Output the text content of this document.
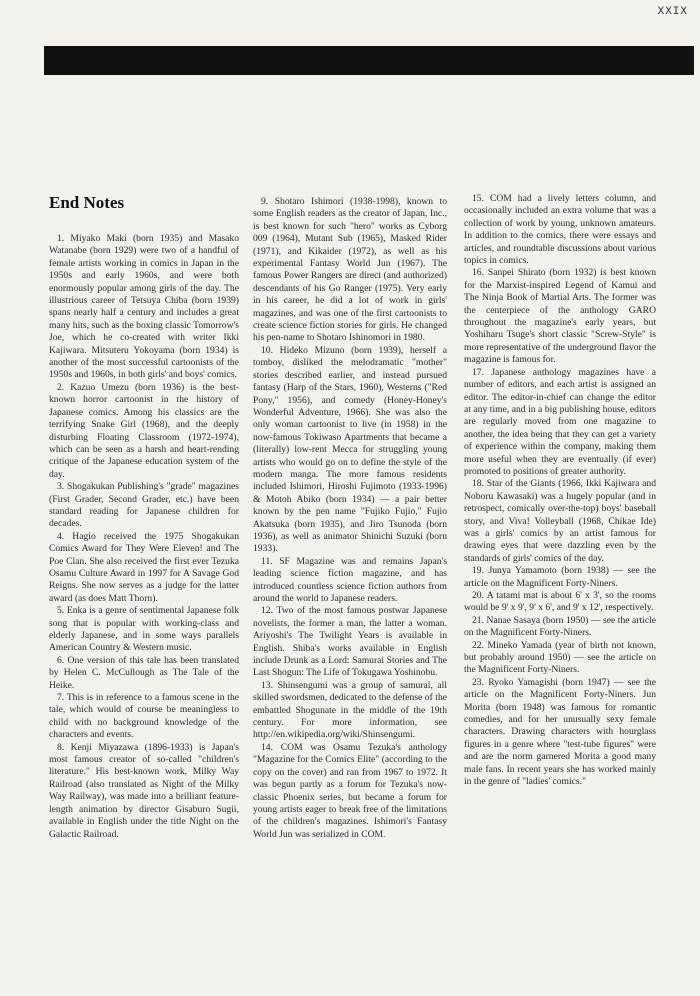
XXIX
End Notes

1. Miyako Maki (born 1935) and Masako Watanabe (born 1929) were two of a handful of female artists working in comics in Japan in the 1950s and early 1960s, and were both enormously popular among girls of the day. The illustrious career of Tetsuya Chiba (born 1939) spans nearly half a century and includes a great many hits, such as the boxing classic Tomorrow's Joe, which he co-created with writer Ikki Kajiwara. Mitsuteru Yokoyama (born 1934) is another of the most successful cartoonists of the 1950s and 1960s, in both girls' and boys' comics.

2. Kazuo Umezu (born 1936) is the best-known horror cartoonist in the history of Japanese comics. Among his classics are the terrifying Snake Girl (1968), and the deeply disturbing Floating Classroom (1972-1974), which can be seen as a harsh and heart-rending critique of the Japanese education system of the day.

3. Shogakukan Publishing's "grade" magazines (First Grader, Second Grader, etc.) have been standard reading for Japanese children for decades.

4. Hagio received the 1975 Shogakukan Comics Award for They Were Eleven! and The Poe Clan. She also received the first ever Tezuka Osamu Culture Award in 1997 for A Savage God Reigns. She now serves as a judge for the latter award (as does Matt Thorn).

5. Enka is a genre of sentimental Japanese folk song that is popular with working-class and elderly Japanese, and in some ways parallels American Country & Western music.

6. One version of this tale has been translated by Helen C. McCullough as The Tale of the Heike.

7. This is in reference to a famous scene in the tale, which would of course be meaningless to child with no background knowledge of the characters and events.

8. Kenji Miyazawa (1896-1933) is Japan's most famous creator of so-called "children's literature." His best-known work, Milky Way Railroad (also translated as Night of the Milky Way Railway), was made into a brilliant feature-length animation by director Gisaburo Sugii, available in English under the title Night on the Galactic Railroad.

9. Shotaro Ishimori (1938-1998), known to some English readers as the creator of Japan, Inc., is best known for such "hero" works as Cyborg 009 (1964), Mutant Sub (1965), Masked Rider (1971), and Kikaider (1972), as well as his experimental Fantasy World Jun (1967). The famous Power Rangers are direct (and authorized) descendants of his Go Ranger (1975). Very early in his career, he did a lot of work in girls' magazines, and was one of the first cartoonists to create science fiction stories for girls. He changed his pen-name to Shotaro Ishinomori in 1980.

10. Hideko Mizuno (born 1939), herself a tomboy, disliked the melodramatic "mother" stories described earlier, and instead pursued fantasy (Harp of the Stars, 1960), Westerns ("Red Pony," 1956), and comedy (Honey-Honey's Wonderful Adventure, 1966). She was also the only woman cartoonist to live (in 1958) in the now-famous Tokiwaso Apartments that became a (literally) low-rent Mecca for struggling young artists who would go on to define the style of the modern manga. The more famous residents included Ishimori, Hiroshi Fujimoto (1933-1996) & Motoh Abiko (born 1934) — a pair better known by the pen name "Fujiko Fujio," Fujio Akatsuka (born 1935), and Jiro Tsunoda (born 1936), as well as animator Shinichi Suzuki (born 1933).

11. SF Magazine was and remains Japan's leading science fiction magazine, and has introduced countless science fiction authors from around the world to Japanese readers.

12. Two of the most famous postwar Japanese novelists, the former a man, the latter a woman. Ariyoshi's The Twilight Years is available in English. Shiba's works available in English include Drunk as a Lord: Samurai Stories and The Last Shogun: The Life of Tokugawa Yoshinobu.

13. Shinsengumi was a group of samurai, all skilled swordsmen, dedicated to the defense of the embattled Shogunate in the middle of the 19th century. For more information, see http://en.wikipedia.org/wiki/Shinsengumi.

14. COM was Osamu Tezuka's anthology "Magazine for the Comics Elite" (according to the copy on the cover) and ran from 1967 to 1972. It was begun partly as a forum for Tezuka's now-classic Phoenix series, but became a forum for young artists eager to break free of the limitations of the children's magazines. Ishimori's Fantasy World Jun was serialized in COM.

15. COM had a lively letters column, and occasionally included an extra volume that was a collection of work by young, unknown amateurs. In addition to the comics, there were essays and articles, and roundtable discussions about various topics in comics.

16. Sanpei Shirato (born 1932) is best known for the Marxist-inspired Legend of Kamui and The Ninja Book of Martial Arts. The former was the centerpiece of the anthology GARO throughout the magazine's early years, but Yoshiharu Tsuge's short classic "Screw-Style" is more representative of the underground flavor the magazine is famous for.

17. Japanese anthology magazines have a number of editors, and each artist is assigned an editor. The editor-in-chief can change the editor at any time, and in a big publishing house, editors are regularly moved from one magazine to another, the idea being that they can get a variety of experience within the company, making them more useful when they are eventually (if ever) promoted to positions of greater authority.

18. Star of the Giants (1966, Ikki Kajiwara and Noboru Kawasaki) was a hugely popular (and in retrospect, comically over-the-top) boys' baseball story, and Viva! Volleyball (1968, Chikae Ide) was a girls' comics by an artist famous for drawing eyes that were dazzling even by the standards of girls' comics of the day.

19. Junya Yamamoto (born 1938) — see the article on the Magnificent Forty-Niners.

20. A tatami mat is about 6' x 3', so the rooms would be 9' x 9', 9' x 6', and 9' x 12', respectively.

21. Nanae Sasaya (born 1950) — see the article on the Magnificent Forty-Niners.

22. Mineko Yamada (year of birth not known, but probably around 1950) — see the article on the Magnificent Forty-Niners.

23. Ryoko Yamagishi (born 1947) — see the article on the Magnificent Forty-Niners. Jun Morita (born 1948) was famous for romantic comedies, and for her unusually sexy female characters. Drawing characters with hourglass figures in a genre where "test-tube figures" were and are the norm garnered Morita a good many male fans. In recent years she has worked mainly in the genre of "ladies' comics."
